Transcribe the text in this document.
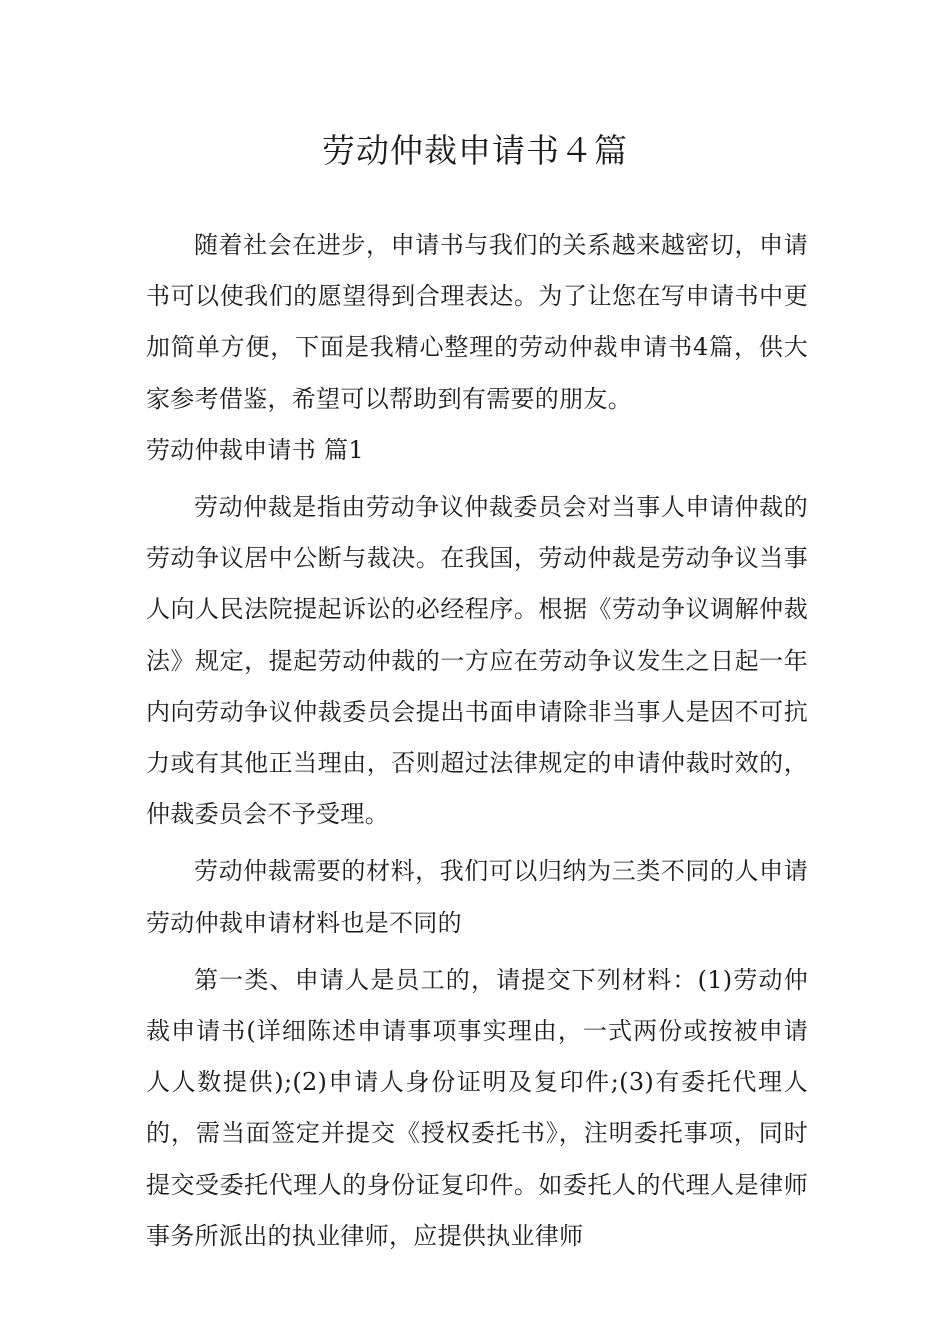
劳动仲裁申请书４篇

随着社会在进步，申请书与我们的关系越来越密切，申请书可以使我们的愿望得到合理表达。为了让您在写申请书中更加简单方便，下面是我精心整理的劳动仲裁申请书4篇，供大家参考借鉴，希望可以帮助到有需要的朋友。

劳动仲裁申请书 篇1

劳动仲裁是指由劳动争议仲裁委员会对当事人申请仲裁的劳动争议居中公断与裁决。在我国，劳动仲裁是劳动争议当事人向人民法院提起诉讼的必经程序。根据《劳动争议调解仲裁法》规定，提起劳动仲裁的一方应在劳动争议发生之日起一年内向劳动争议仲裁委员会提出书面申请除非当事人是因不可抗力或有其他正当理由，否则超过法律规定的申请仲裁时效的，仲裁委员会不予受理。

劳动仲裁需要的材料，我们可以归纳为三类不同的人申请劳动仲裁申请材料也是不同的

第一类、申请人是员工的，请提交下列材料：(1)劳动仲裁申请书(详细陈述申请事项事实理由，一式两份或按被申请人人数提供);(2)申请人身份证明及复印件;(3)有委托代理人的，需当面签定并提交《授权委托书》，注明委托事项，同时提交受委托代理人的身份证复印件。如委托人的代理人是律师事务所派出的执业律师，应提供执业律师
